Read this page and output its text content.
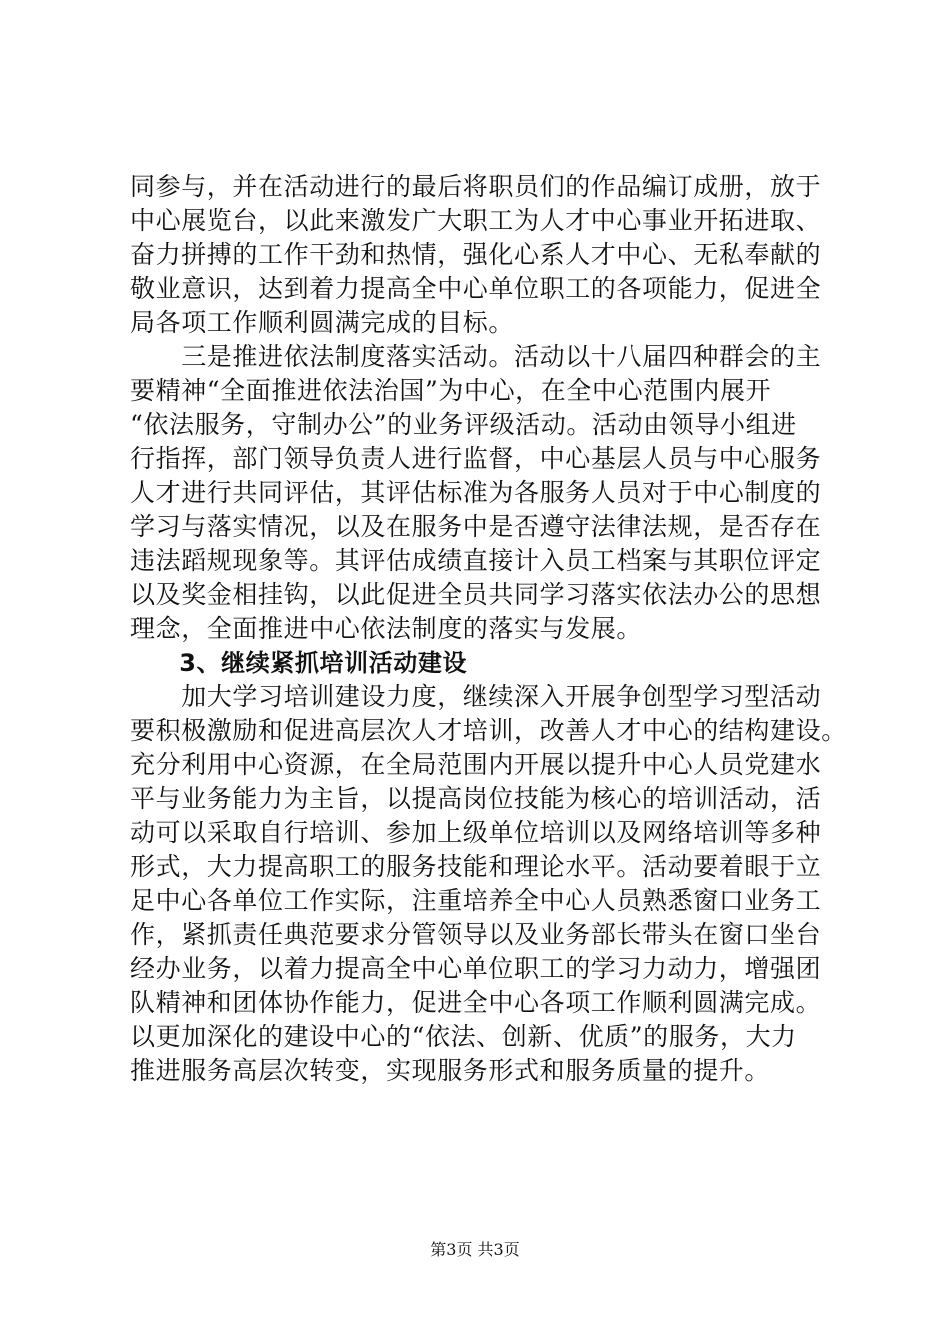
同参与，并在活动进行的最后将职员们的作品编订成册，放于
中心展览台，以此来激发广大职工为人才中心事业开拓进取、
奋力拼搏的工作干劲和热情，强化心系人才中心、无私奉献的
敬业意识，达到着力提高全中心单位职工的各项能力，促进全
局各项工作顺利圆满完成的目标。
　　三是推进依法制度落实活动。活动以十八届四种群会的主
要精神“全面推进依法治国”为中心，在全中心范围内展开
“依法服务，守制办公”的业务评级活动。活动由领导小组进
行指挥，部门领导负责人进行监督，中心基层人员与中心服务
人才进行共同评估，其评估标准为各服务人员对于中心制度的
学习与落实情况，以及在服务中是否遵守法律法规，是否存在
违法蹈规现象等。其评估成绩直接计入员工档案与其职位评定
以及奖金相挂钩，以此促进全员共同学习落实依法办公的思想
理念，全面推进中心依法制度的落实与发展。
　　3、继续紧抓培训活动建设
　　加大学习培训建设力度，继续深入开展争创型学习型活动
要积极激励和促进高层次人才培训，改善人才中心的结构建设。
充分利用中心资源，在全局范围内开展以提升中心人员党建水
平与业务能力为主旨，以提高岗位技能为核心的培训活动，活
动可以采取自行培训、参加上级单位培训以及网络培训等多种
形式，大力提高职工的服务技能和理论水平。活动要着眼于立
足中心各单位工作实际，注重培养全中心人员熟悉窗口业务工
作，紧抓责任典范要求分管领导以及业务部长带头在窗口坐台
经办业务，以着力提高全中心单位职工的学习力动力，增强团
队精神和团体协作能力，促进全中心各项工作顺利圆满完成。
以更加深化的建设中心的“依法、创新、优质”的服务，大力
推进服务高层次转变，实现服务形式和服务质量的提升。
第3页 共3页
